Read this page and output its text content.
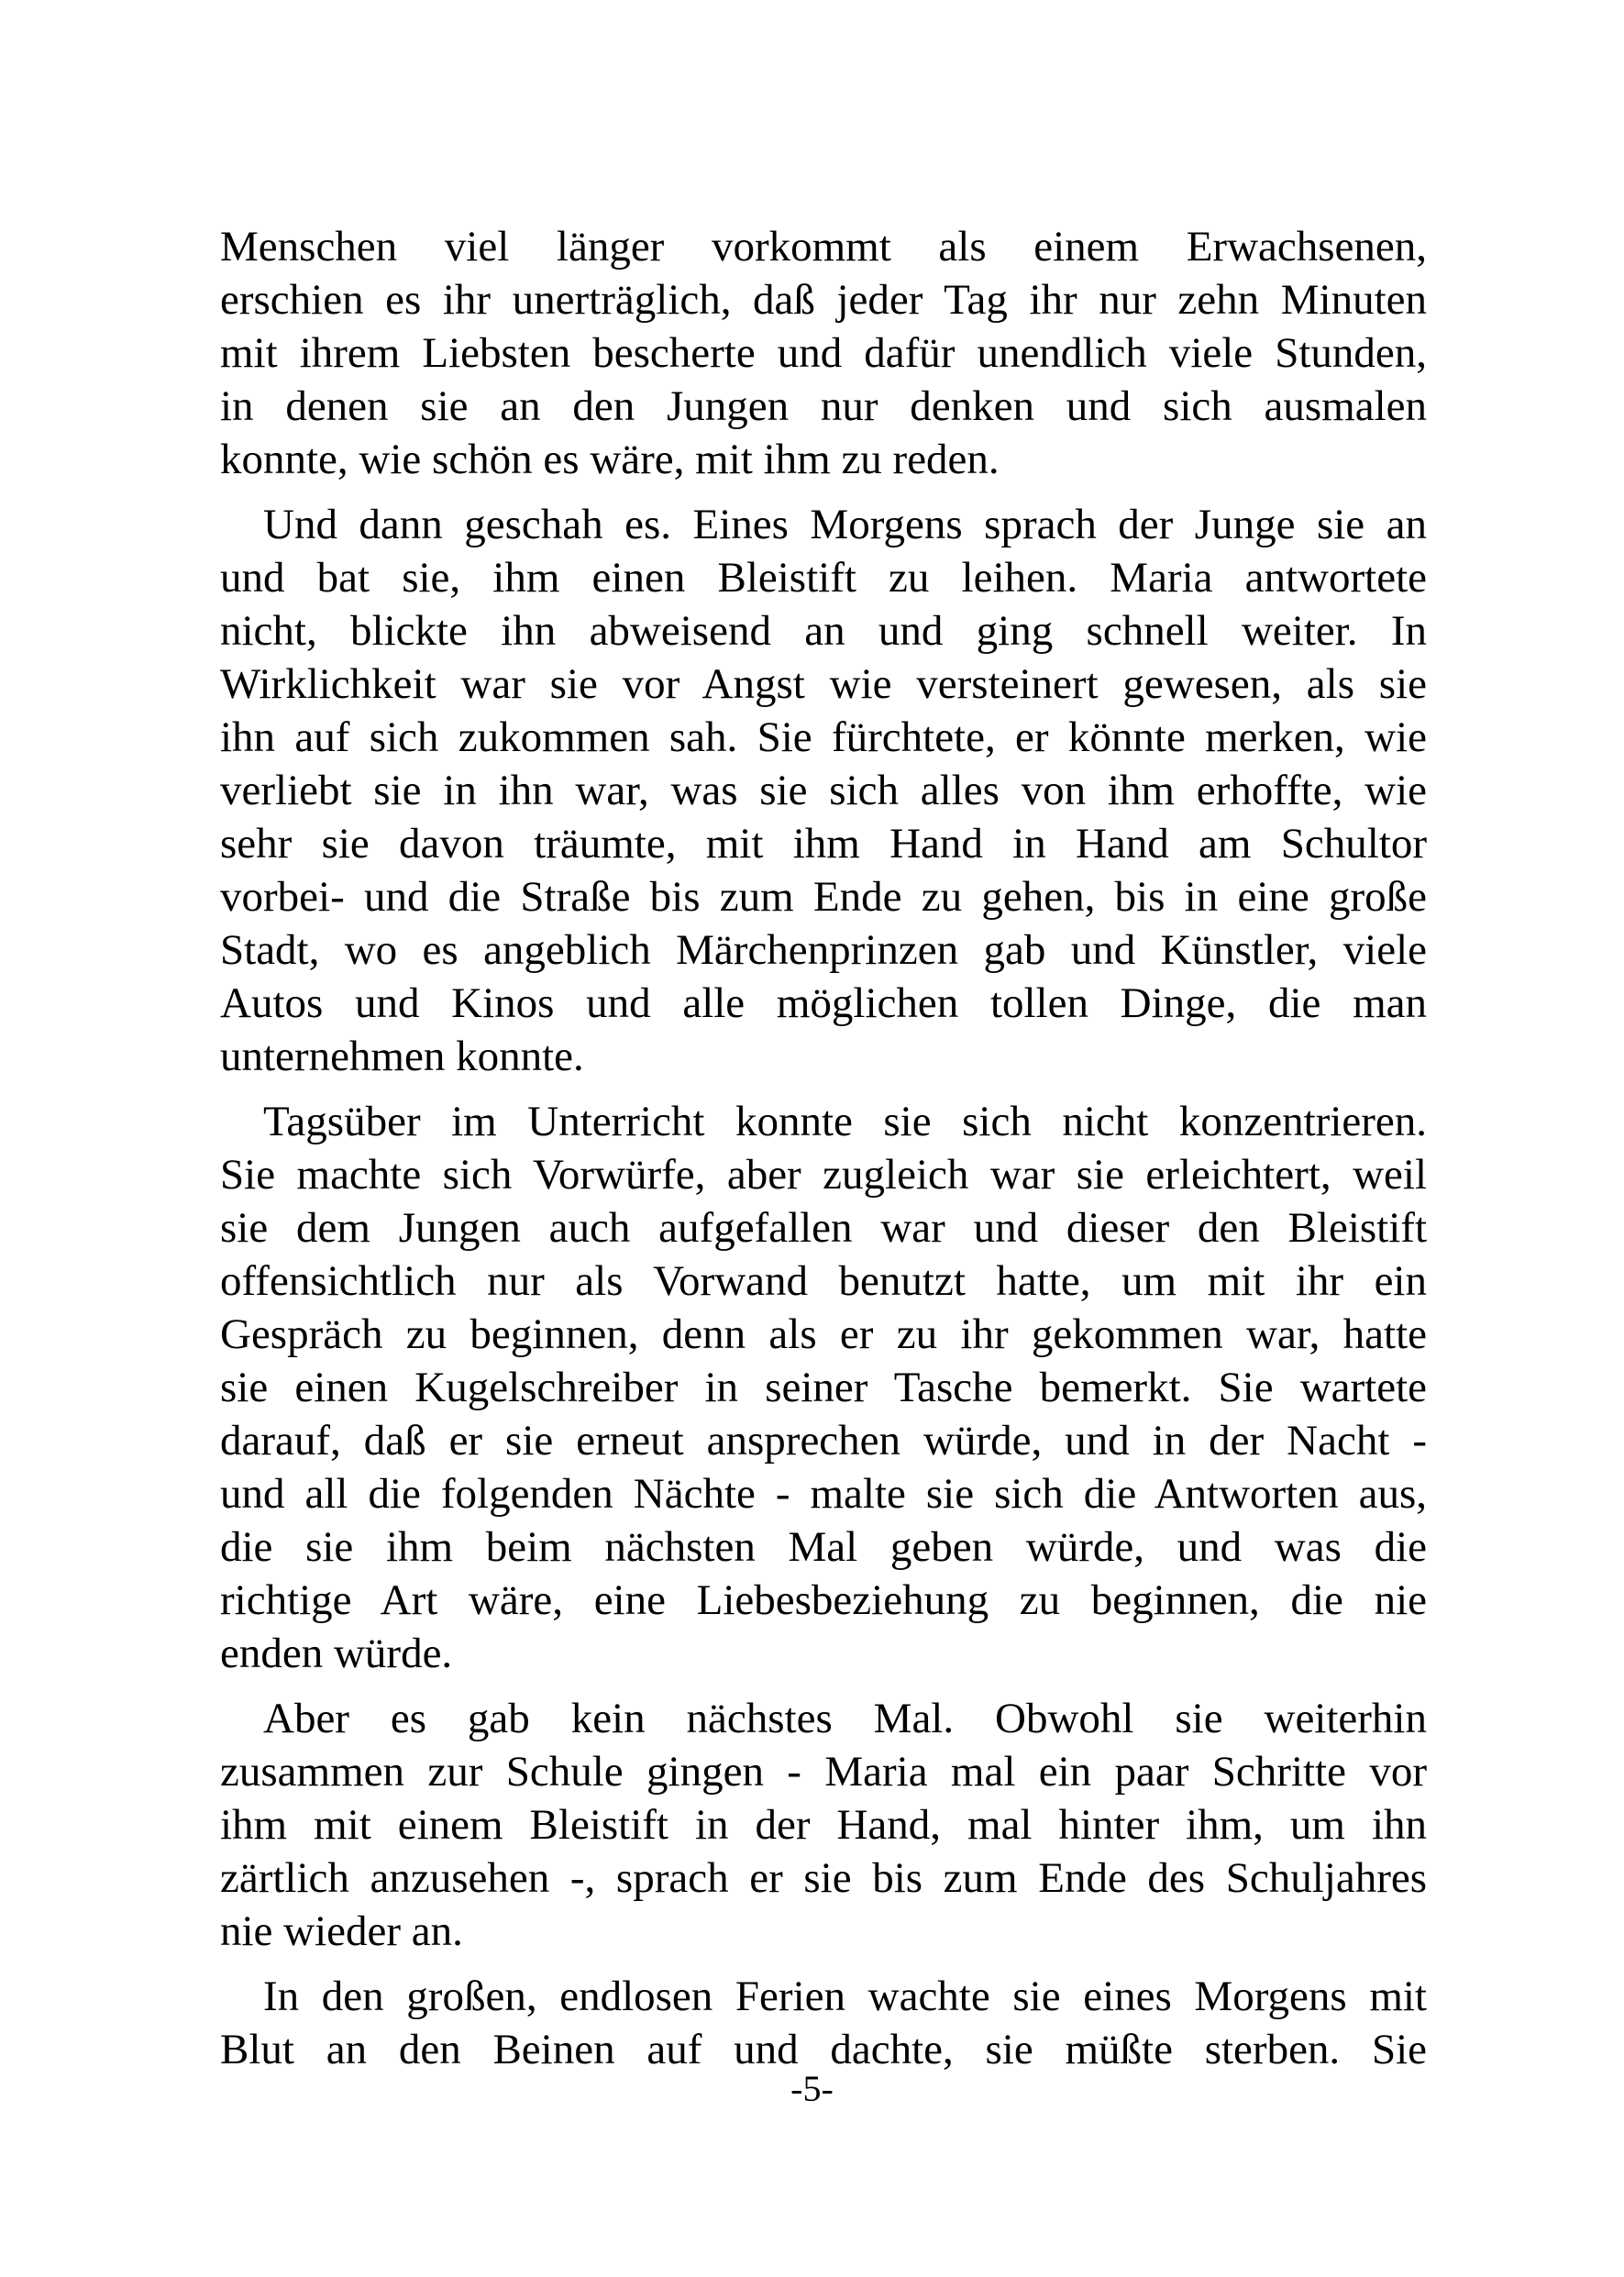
Menschen viel länger vorkommt als einem Erwachsenen,
erschien es ihr unerträglich, daß jeder Tag ihr nur zehn Minuten
mit ihrem Liebsten bescherte und dafür unendlich viele Stunden,
in denen sie an den Jungen nur denken und sich ausmalen
konnte, wie schön es wäre, mit ihm zu reden.
Und dann geschah es. Eines Morgens sprach der Junge sie an
und bat sie, ihm einen Bleistift zu leihen. Maria antwortete
nicht, blickte ihn abweisend an und ging schnell weiter. In
Wirklichkeit war sie vor Angst wie versteinert gewesen, als sie
ihn auf sich zukommen sah. Sie fürchtete, er könnte merken, wie
verliebt sie in ihn war, was sie sich alles von ihm erhoffte, wie
sehr sie davon träumte, mit ihm Hand in Hand am Schultor
vorbei- und die Straße bis zum Ende zu gehen, bis in eine große
Stadt, wo es angeblich Märchenprinzen gab und Künstler, viele
Autos und Kinos und alle möglichen tollen Dinge, die man
unternehmen konnte.
Tagsüber im Unterricht konnte sie sich nicht konzentrieren.
Sie machte sich Vorwürfe, aber zugleich war sie erleichtert, weil
sie dem Jungen auch aufgefallen war und dieser den Bleistift
offensichtlich nur als Vorwand benutzt hatte, um mit ihr ein
Gespräch zu beginnen, denn als er zu ihr gekommen war, hatte
sie einen Kugelschreiber in seiner Tasche bemerkt. Sie wartete
darauf, daß er sie erneut ansprechen würde, und in der Nacht -
und all die folgenden Nächte - malte sie sich die Antworten aus,
die sie ihm beim nächsten Mal geben würde, und was die
richtige Art wäre, eine Liebesbeziehung zu beginnen, die nie
enden würde.
Aber es gab kein nächstes Mal. Obwohl sie weiterhin
zusammen zur Schule gingen - Maria mal ein paar Schritte vor
ihm mit einem Bleistift in der Hand, mal hinter ihm, um ihn
zärtlich anzusehen -, sprach er sie bis zum Ende des Schuljahres
nie wieder an.
In den großen, endlosen Ferien wachte sie eines Morgens mit
Blut an den Beinen auf und dachte, sie müßte sterben. Sie
-5-
